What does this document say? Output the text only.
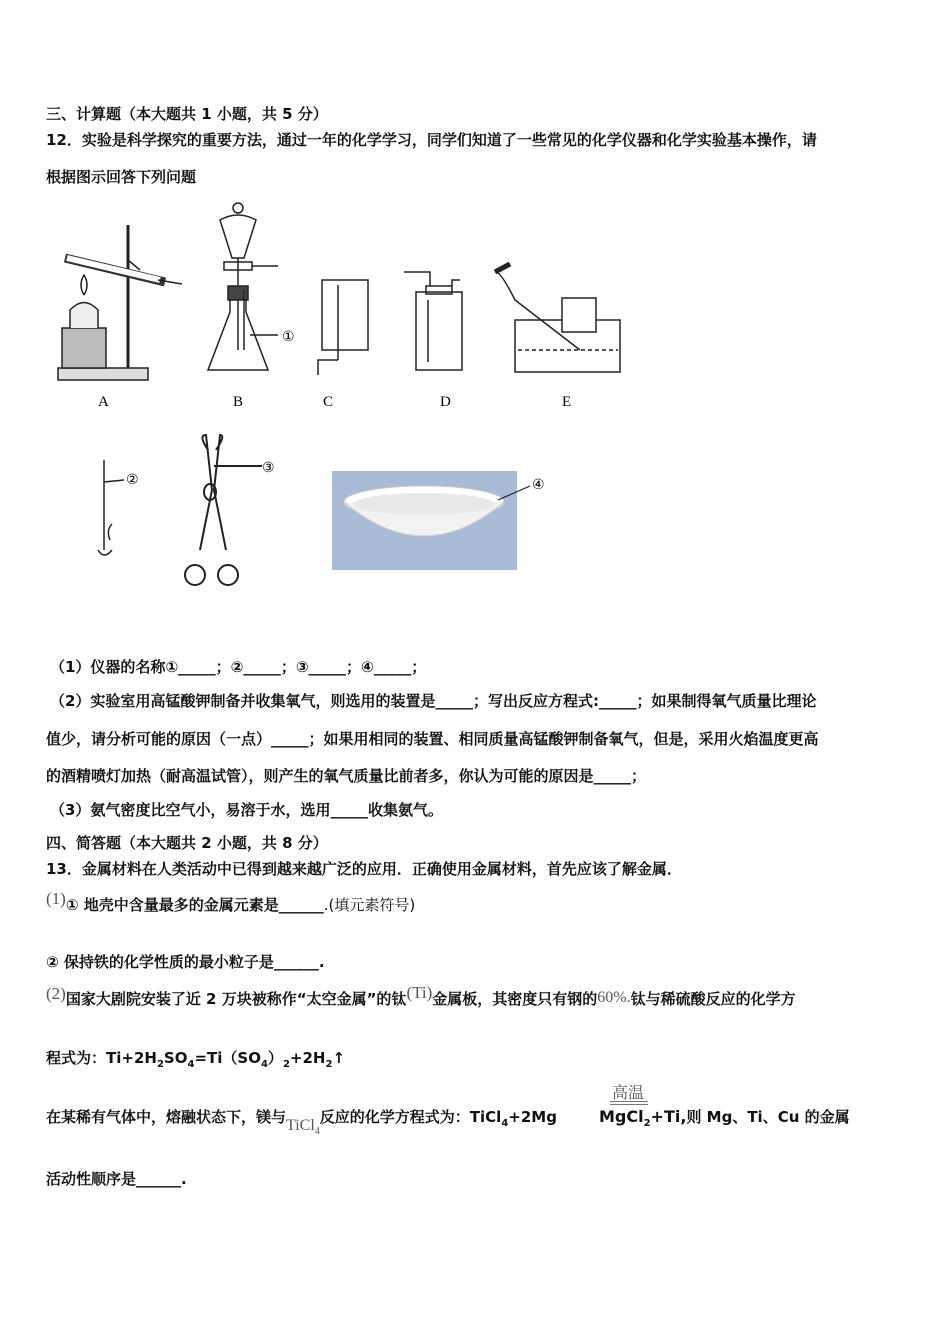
三、计算题（本大题共 1 小题，共 5 分）
12．实验是科学探究的重要方法，通过一年的化学学习，同学们知道了一些常见的化学仪器和化学实验基本操作，请
根据图示回答下列问题
①
A	B	C	D	E
②
③
④
（1）仪器的名称①_____；②_____；③_____；④_____；
（2）实验室用高锰酸钾制备并收集氧气，则选用的装置是_____；写出反应方程式:_____；如果制得氧气质量比理论
值少，请分析可能的原因（一点）_____；如果用相同的装置、相同质量高锰酸钾制备氧气，但是，采用火焰温度更高
的酒精喷灯加热（耐高温试管），则产生的氧气质量比前者多，你认为可能的原因是_____；
（3）氨气密度比空气小，易溶于水，选用_____收集氨气。
四、简答题（本大题共 2 小题，共 8 分）
13．金属材料在人类活动中已得到越来越广泛的应用．正确使用金属材料，首先应该了解金属．
(1)① 地壳中含量最多的金属元素是______.(填元素符号)
② 保持铁的化学性质的最小粒子是______.
(2)国家大剧院安装了近 2 万块被称作“太空金属”的钛(Ti)金属板，其密度只有钢的60%.钛与稀硫酸反应的化学方
程式为：$Ti+2H_2SO_4=Ti(SO_4)_2+2H_2↑$
高温
在某稀有气体中，熔融状态下，镁与TiCl$_4$反应的化学方程式为：TiCl$_4$+2Mg	MgCl$_2$+Ti,则 Mg、Ti、Cu 的金属
活动性顺序是______.
